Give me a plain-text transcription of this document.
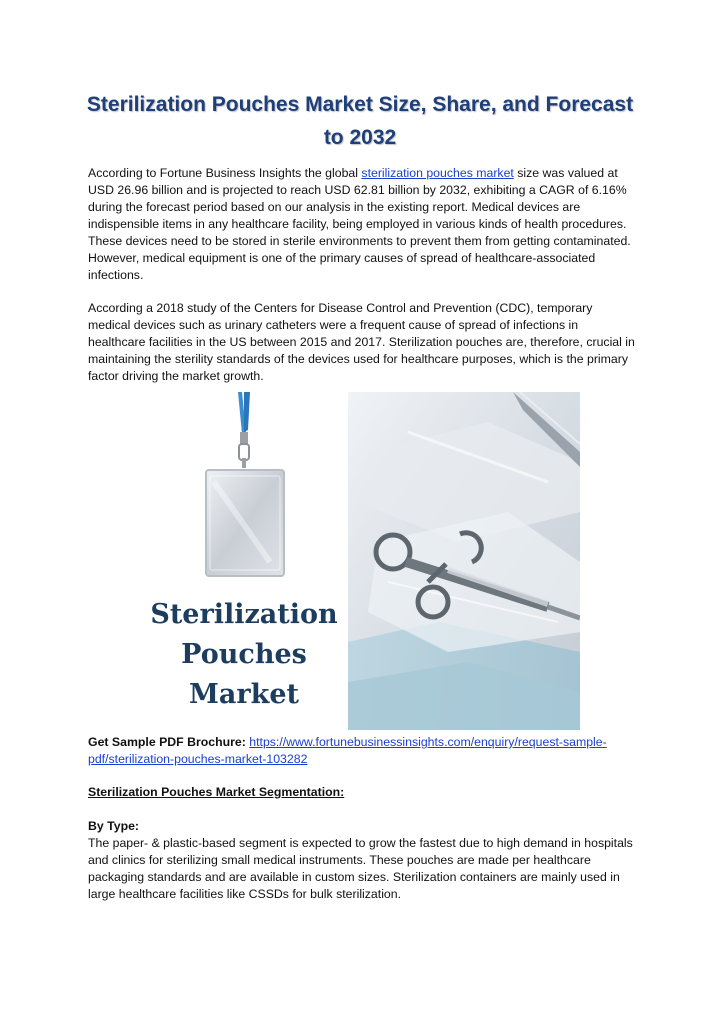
Sterilization Pouches Market Size, Share, and Forecast
to 2032

According to Fortune Business Insights the global sterilization pouches market size was valued at USD 26.96 billion and is projected to reach USD 62.81 billion by 2032, exhibiting a CAGR of 6.16% during the forecast period based on our analysis in the existing report. Medical devices are indispensible items in any healthcare facility, being employed in various kinds of health procedures. These devices need to be stored in sterile environments to prevent them from getting contaminated. However, medical equipment is one of the primary causes of spread of healthcare-associated infections.

According a 2018 study of the Centers for Disease Control and Prevention (CDC), temporary medical devices such as urinary catheters were a frequent cause of spread of infections in healthcare facilities in the US between 2015 and 2017. Sterilization pouches are, therefore, crucial in maintaining the sterility standards of the devices used for healthcare purposes, which is the primary factor driving the market growth.

Sterilization
Pouches
Market

Get Sample PDF Brochure: https://www.fortunebusinessinsights.com/enquiry/request-sample-
pdf/sterilization-pouches-market-103282

Sterilization Pouches Market Segmentation:

By Type:

The paper- & plastic-based segment is expected to grow the fastest due to high demand in hospitals and clinics for sterilizing small medical instruments. These pouches are made per healthcare packaging standards and are available in custom sizes. Sterilization containers are mainly used in large healthcare facilities like CSSDs for bulk sterilization.
